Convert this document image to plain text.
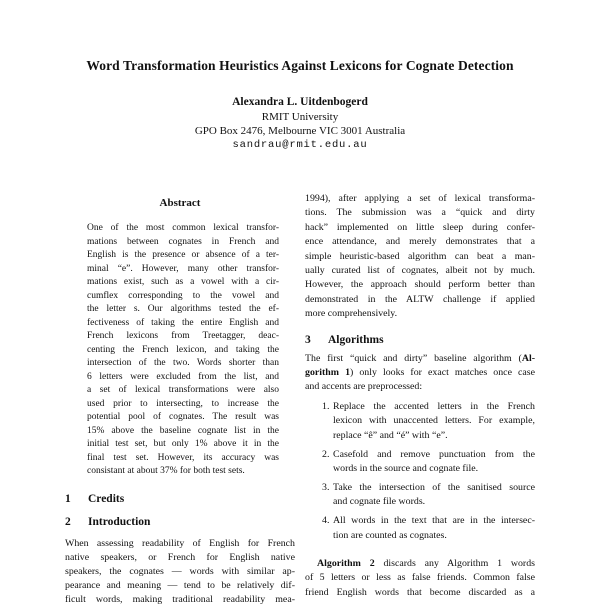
Word Transformation Heuristics Against Lexicons for Cognate Detection
Alexandra L. Uitdenbogerd
RMIT University
GPO Box 2476, Melbourne VIC 3001 Australia
sandrau@rmit.edu.au
Abstract
One of the most common lexical transfor-
mations between cognates in French and
English is the presence or absence of a ter-
minal “e”. However, many other transfor-
mations exist, such as a vowel with a cir-
cumflex corresponding to the vowel and
the letter s. Our algorithms tested the ef-
fectiveness of taking the entire English and
French lexicons from Treetagger, deac-
centing the French lexicon, and taking the
intersection of the two. Words shorter than
6 letters were excluded from the list, and
a set of lexical transformations were also
used prior to intersecting, to increase the
potential pool of cognates. The result was
15% above the baseline cognate list in the
initial test set, but only 1% above it in the
final test set. However, its accuracy was
consistant at about 37% for both test sets.
1 Credits
2 Introduction
When assessing readability of English for French
native speakers, or French for English native
speakers, the cognates — words with similar ap-
pearance and meaning — tend to be relatively dif-
ficult words, making traditional readability mea-
1994), after applying a set of lexical transforma-
tions. The submission was a “quick and dirty
hack” implemented on little sleep during confer-
ence attendance, and merely demonstrates that a
simple heuristic-based algorithm can beat a man-
ually curated list of cognates, albeit not by much.
However, the approach should perform better than
demonstrated in the ALTW challenge if applied
more comprehensively.
3 Algorithms
The first “quick and dirty” baseline algorithm (Al-
gorithm 1) only looks for exact matches once case
and accents are preprocessed:
1. Replace the accented letters in the French
lexicon with unaccented letters. For example,
replace “ê” and “é” with “e”.
2. Casefold and remove punctuation from the
words in the source and cognate file.
3. Take the intersection of the sanitised source
and cognate file words.
4. All words in the text that are in the intersec-
tion are counted as cognates.
Algorithm 2 discards any Algorithm 1 words
of 5 letters or less as false friends. Common false
friend English words that become discarded as a
